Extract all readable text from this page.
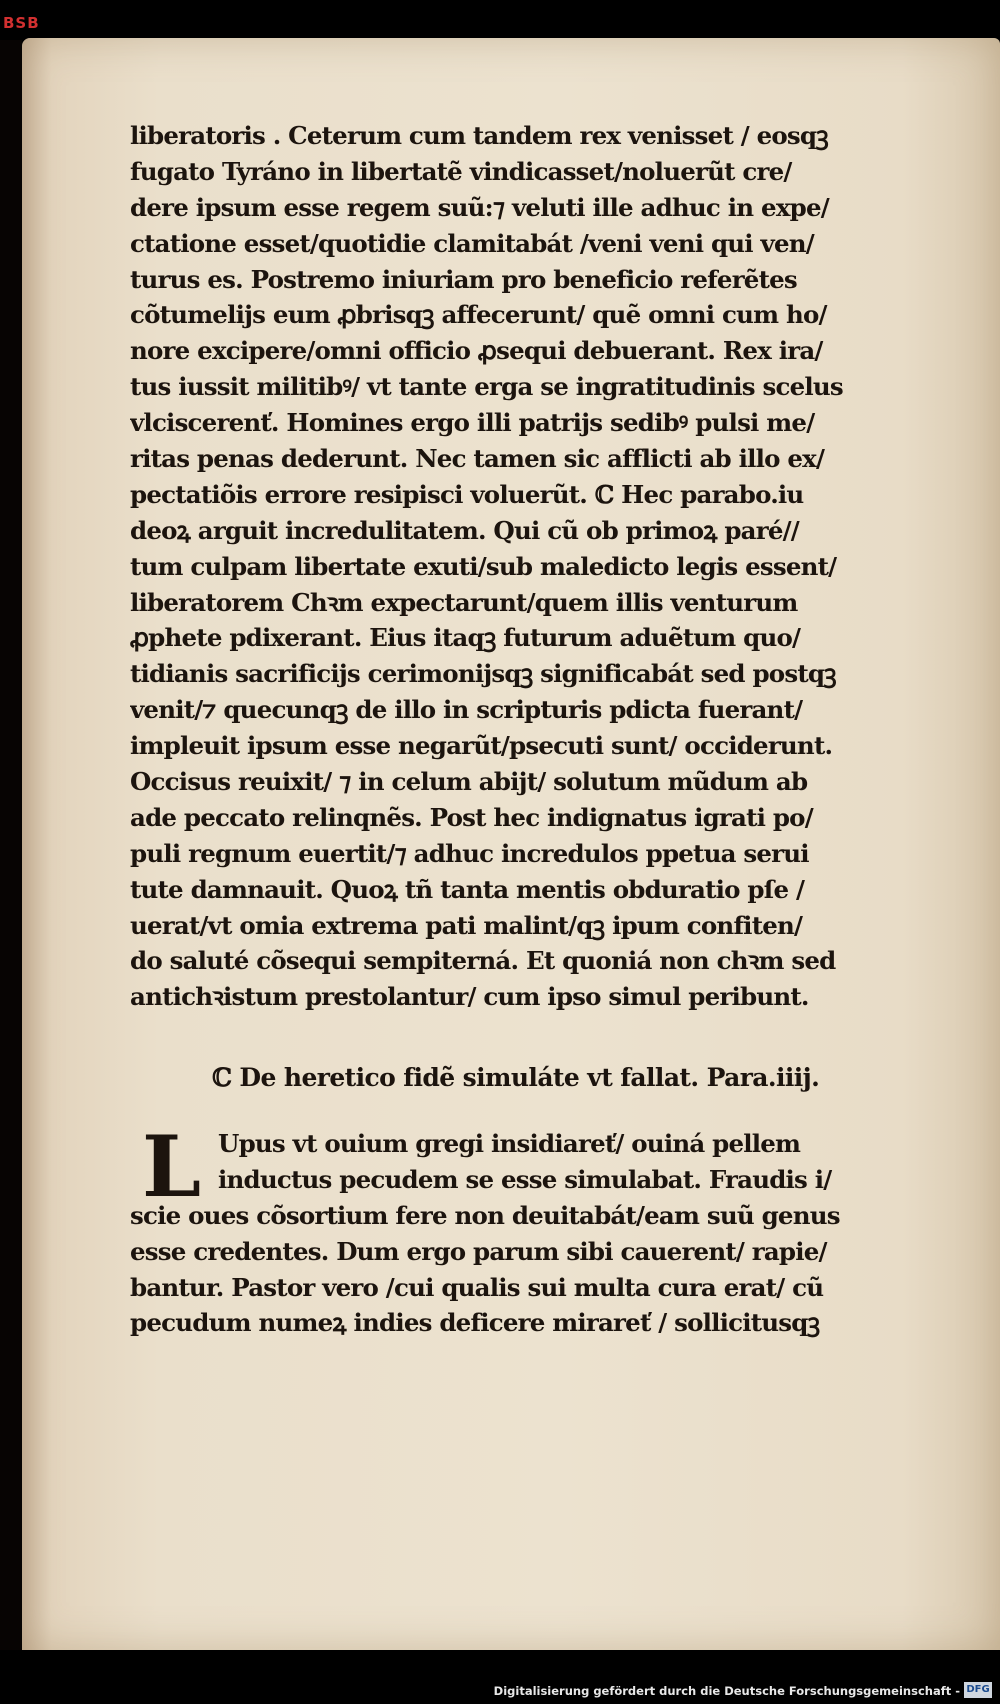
BSB
liberatoris . Ceterum cum tandem rex venisset / eosqꝫ
fugato Tyráno in libertatẽ vindicasset/noluerũt cre/
dere ipsum esse regem suũ:⁊ veluti ille adhuc in expe/
ctatione esset/quotidie clamitabát /veni veni qui ven/
turus es. Postremo iniuriam pro beneficio referẽtes
cõtumelijs eum ꝓbrisqꝫ affecerunt/ quẽ omni cum ho/
nore excipere/omni officio ꝓsequi debuerant. Rex ira/
tus iussit militibꝰ/ vt tante erga se ingratitudinis scelus
vlciscerenť. Homines ergo illi patrijs sedibꝰ pulsi me/
ritas penas dederunt. Nec tamen sic afflicti ab illo ex/
pectatiõis errore resipisci voluerũt. ℂ Hec parabo.iu
deoꝝ arguit incredulitatem. Qui cũ ob primoꝝ paré//
tum culpam libertate exuti/sub maledicto legis essent/
liberatorem Chꝛm expectarunt/quem illis venturum
ꝓphete pdixerant. Eius itaqꝫ futurum aduẽtum quo/
tidianis sacrificijs cerimonijsqꝫ significabát sed postqꝫ
venit/⁊ quecunqꝫ de illo in scripturis pdicta fuerant/
impleuit ipsum esse negarũt/psecuti sunt/ occiderunt.
Occisus reuixit/ ⁊ in celum abijt/ solutum mũdum ab
ade peccato relinqnẽs. Post hec indignatus igrati po/
puli regnum euertit/⁊ adhuc incredulos ppetua serui
tute damnauit. Quoꝝ tñ tanta mentis obduratio pſe /
uerat/vt omia extrema pati malint/qꝫ ipum confiten/
do saluté cõsequi sempiterná. Et quoniá non chꝛm sed
antichꝛistum prestolantur/ cum ipso simul peribunt.
ℂ De heretico fidẽ simuláte vt fallat. Para.iiij.
L Upus vt ouium gregi insidiareť/ ouiná pellem
inductus pecudem se esse simulabat. Fraudis i/
scie oues cõsortium fere non deuitabát/eam suũ genus
esse credentes. Dum ergo parum sibi cauerent/ rapie/
bantur. Pastor vero /cui qualis sui multa cura erat/ cũ
pecudum numeꝝ indies deficere mirareť / sollicitusqꝫ
Digitalisierung gefördert durch die Deutsche Forschungsgemeinschaft - DFG
